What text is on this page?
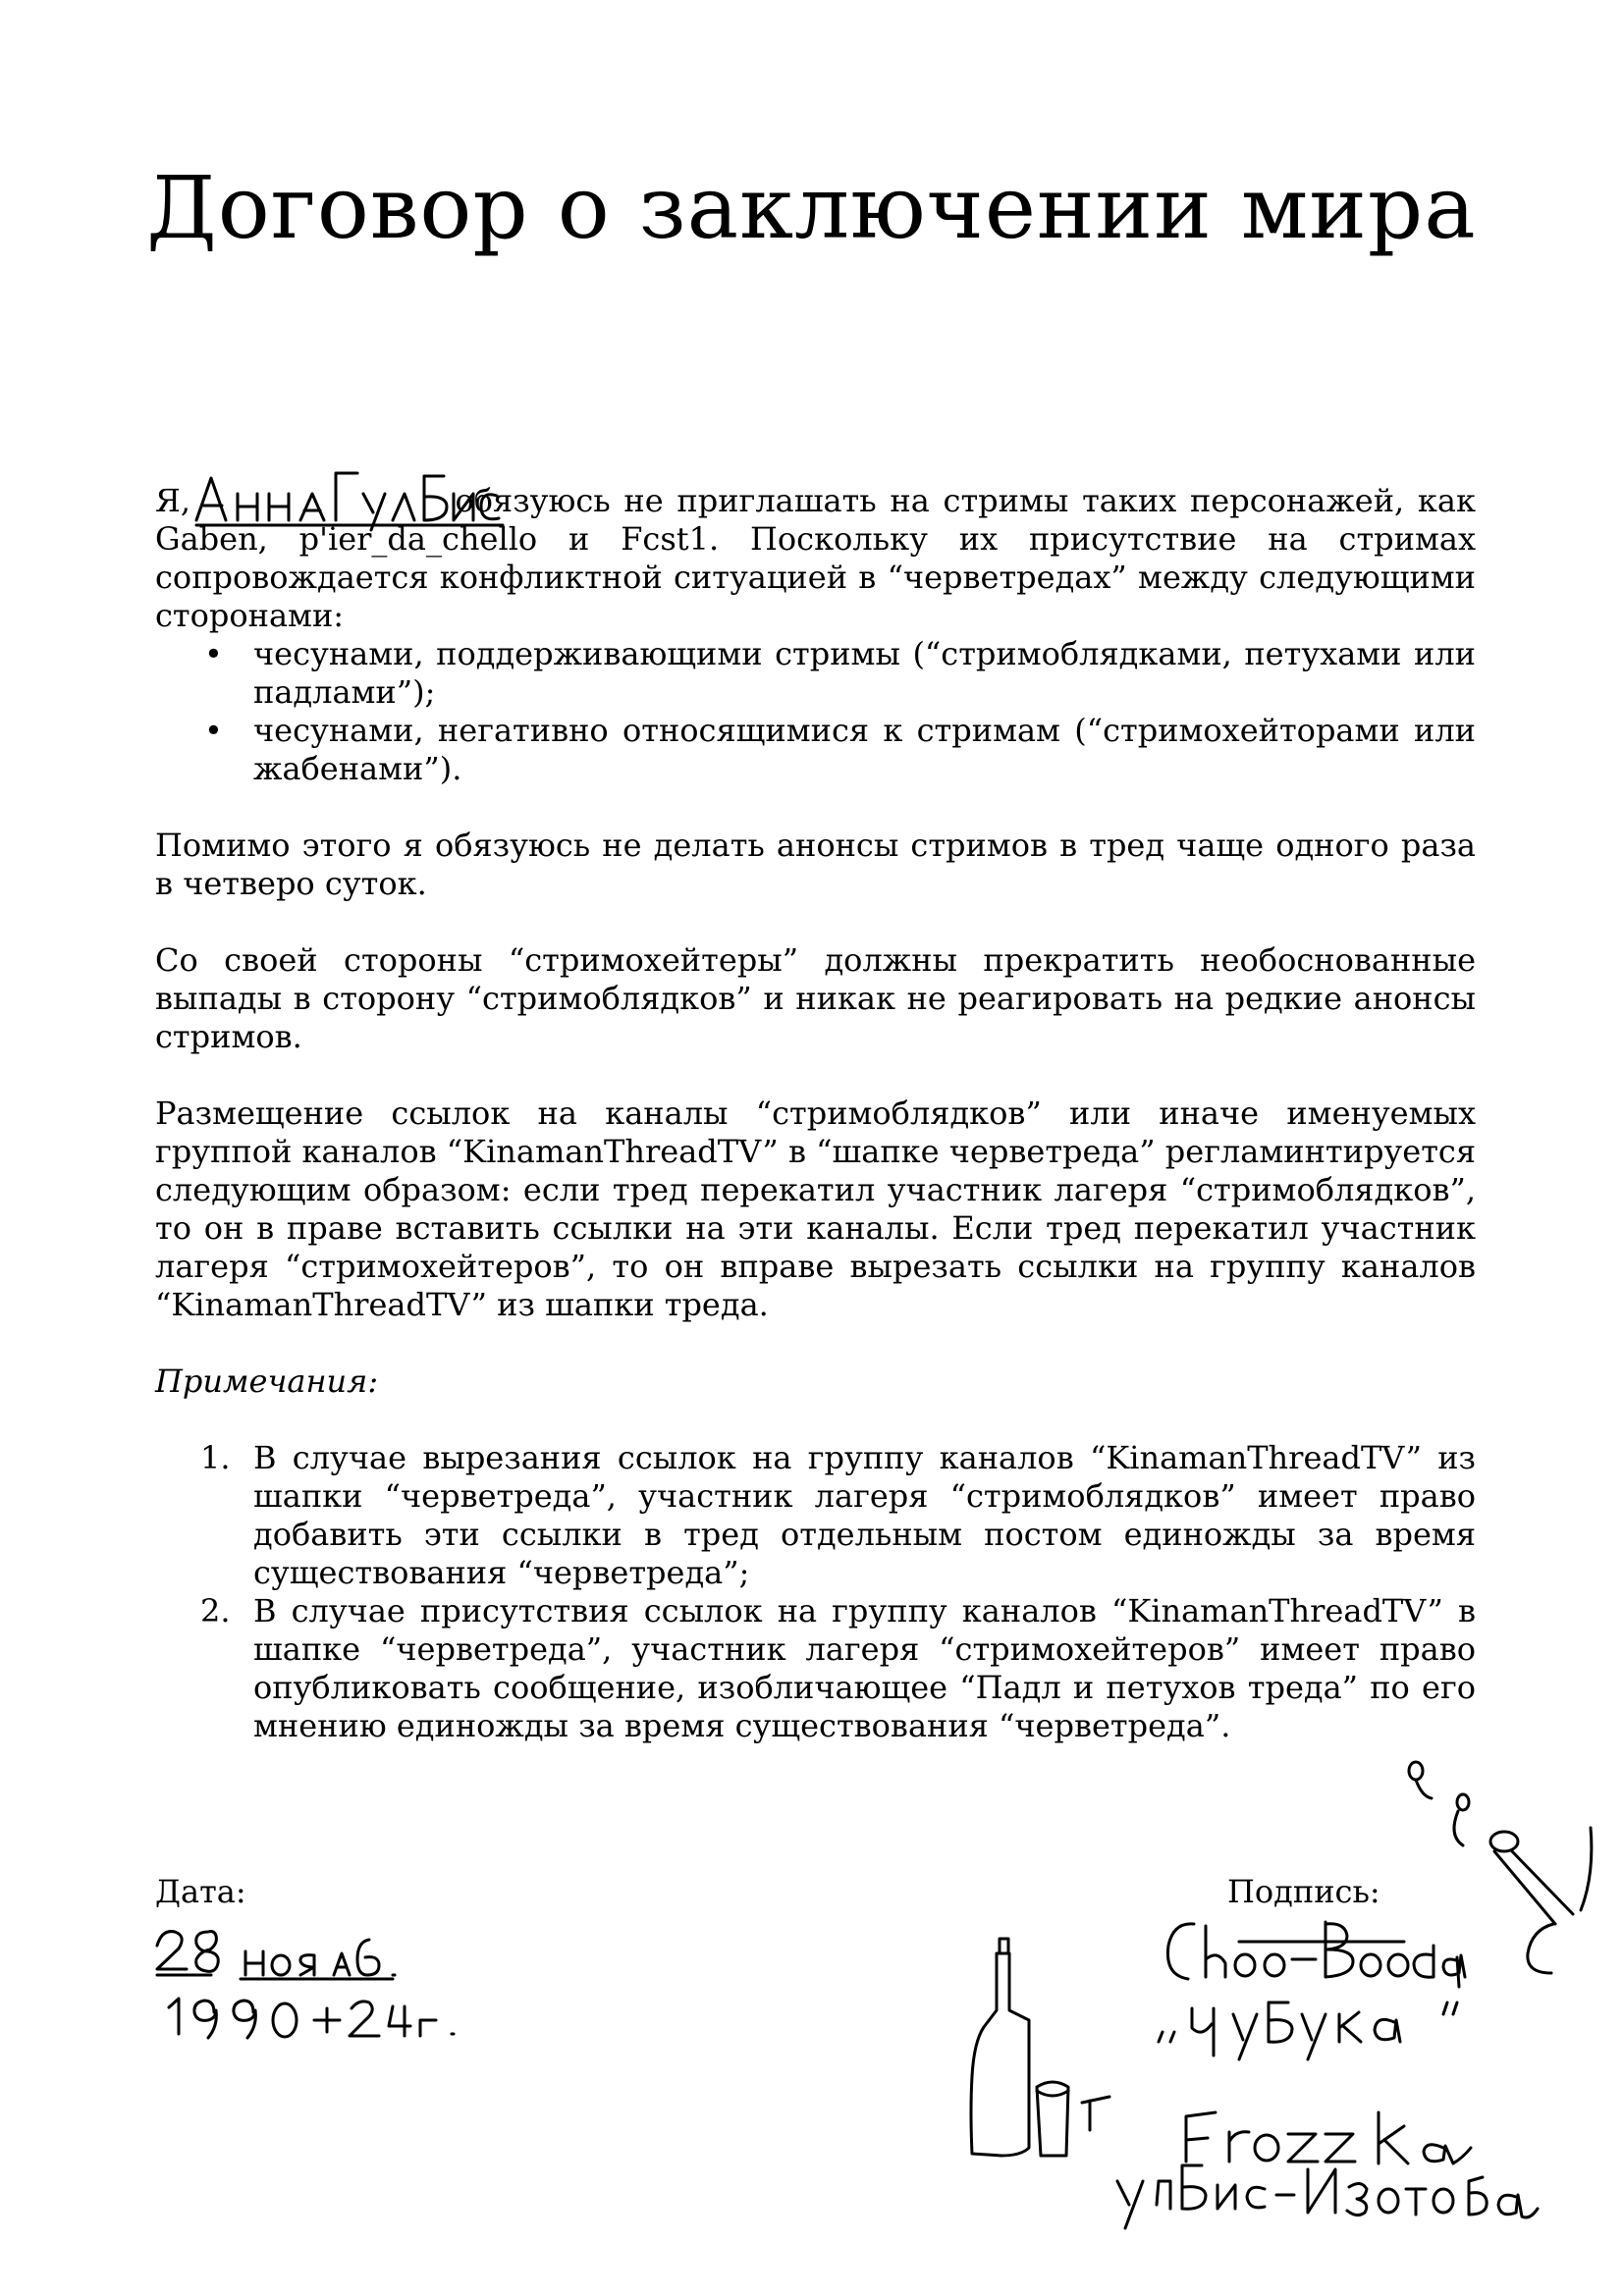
Договор о заключении мира

Я,	обязуюсь не приглашать на стримы таких персонажей, как Gaben, p'ier_da_chello и Fcst1. Поскольку их присутствие на стримах сопровождается конфликтной ситуацией в “черветредах” между следующими сторонами:

• чесунами, поддерживающими стримы (“стримоблядками, петухами или падлами”);
• чесунами, негативно относящимися к стримам (“стримохейторами или жабенами”).

Помимо этого я обязуюсь не делать анонсы стримов в тред чаще одного раза в четверо суток.

Со своей стороны “стримохейтеры” должны прекратить необоснованные выпады в сторону “стримоблядков” и никак не реагировать на редкие анонсы стримов.

Размещение ссылок на каналы “стримоблядков” или иначе именуемых группой каналов “KinamanThreadTV” в “шапке черветреда” регламинтируется следующим образом: если тред перекатил участник лагеря “стримоблядков”, то он в праве вставить ссылки на эти каналы. Если тред перекатил участник лагеря “стримохейтеров”, то он вправе вырезать ссылки на группу каналов “KinamanThreadTV” из шапки треда.

Примечания:

1. В случае вырезания ссылок на группу каналов “KinamanThreadTV” из шапки “черветреда”, участник лагеря “стримоблядков” имеет право добавить эти ссылки в тред отдельным постом единожды за время существования “черветреда”;
2. В случае присутствия ссылок на группу каналов “KinamanThreadTV” в шапке “черветреда”, участник лагеря “стримохейтеров” имеет право опубликовать сообщение, изобличающее “Падл и петухов треда” по его мнению единожды за время существования “черветреда”.
Дата:	Подпись:
